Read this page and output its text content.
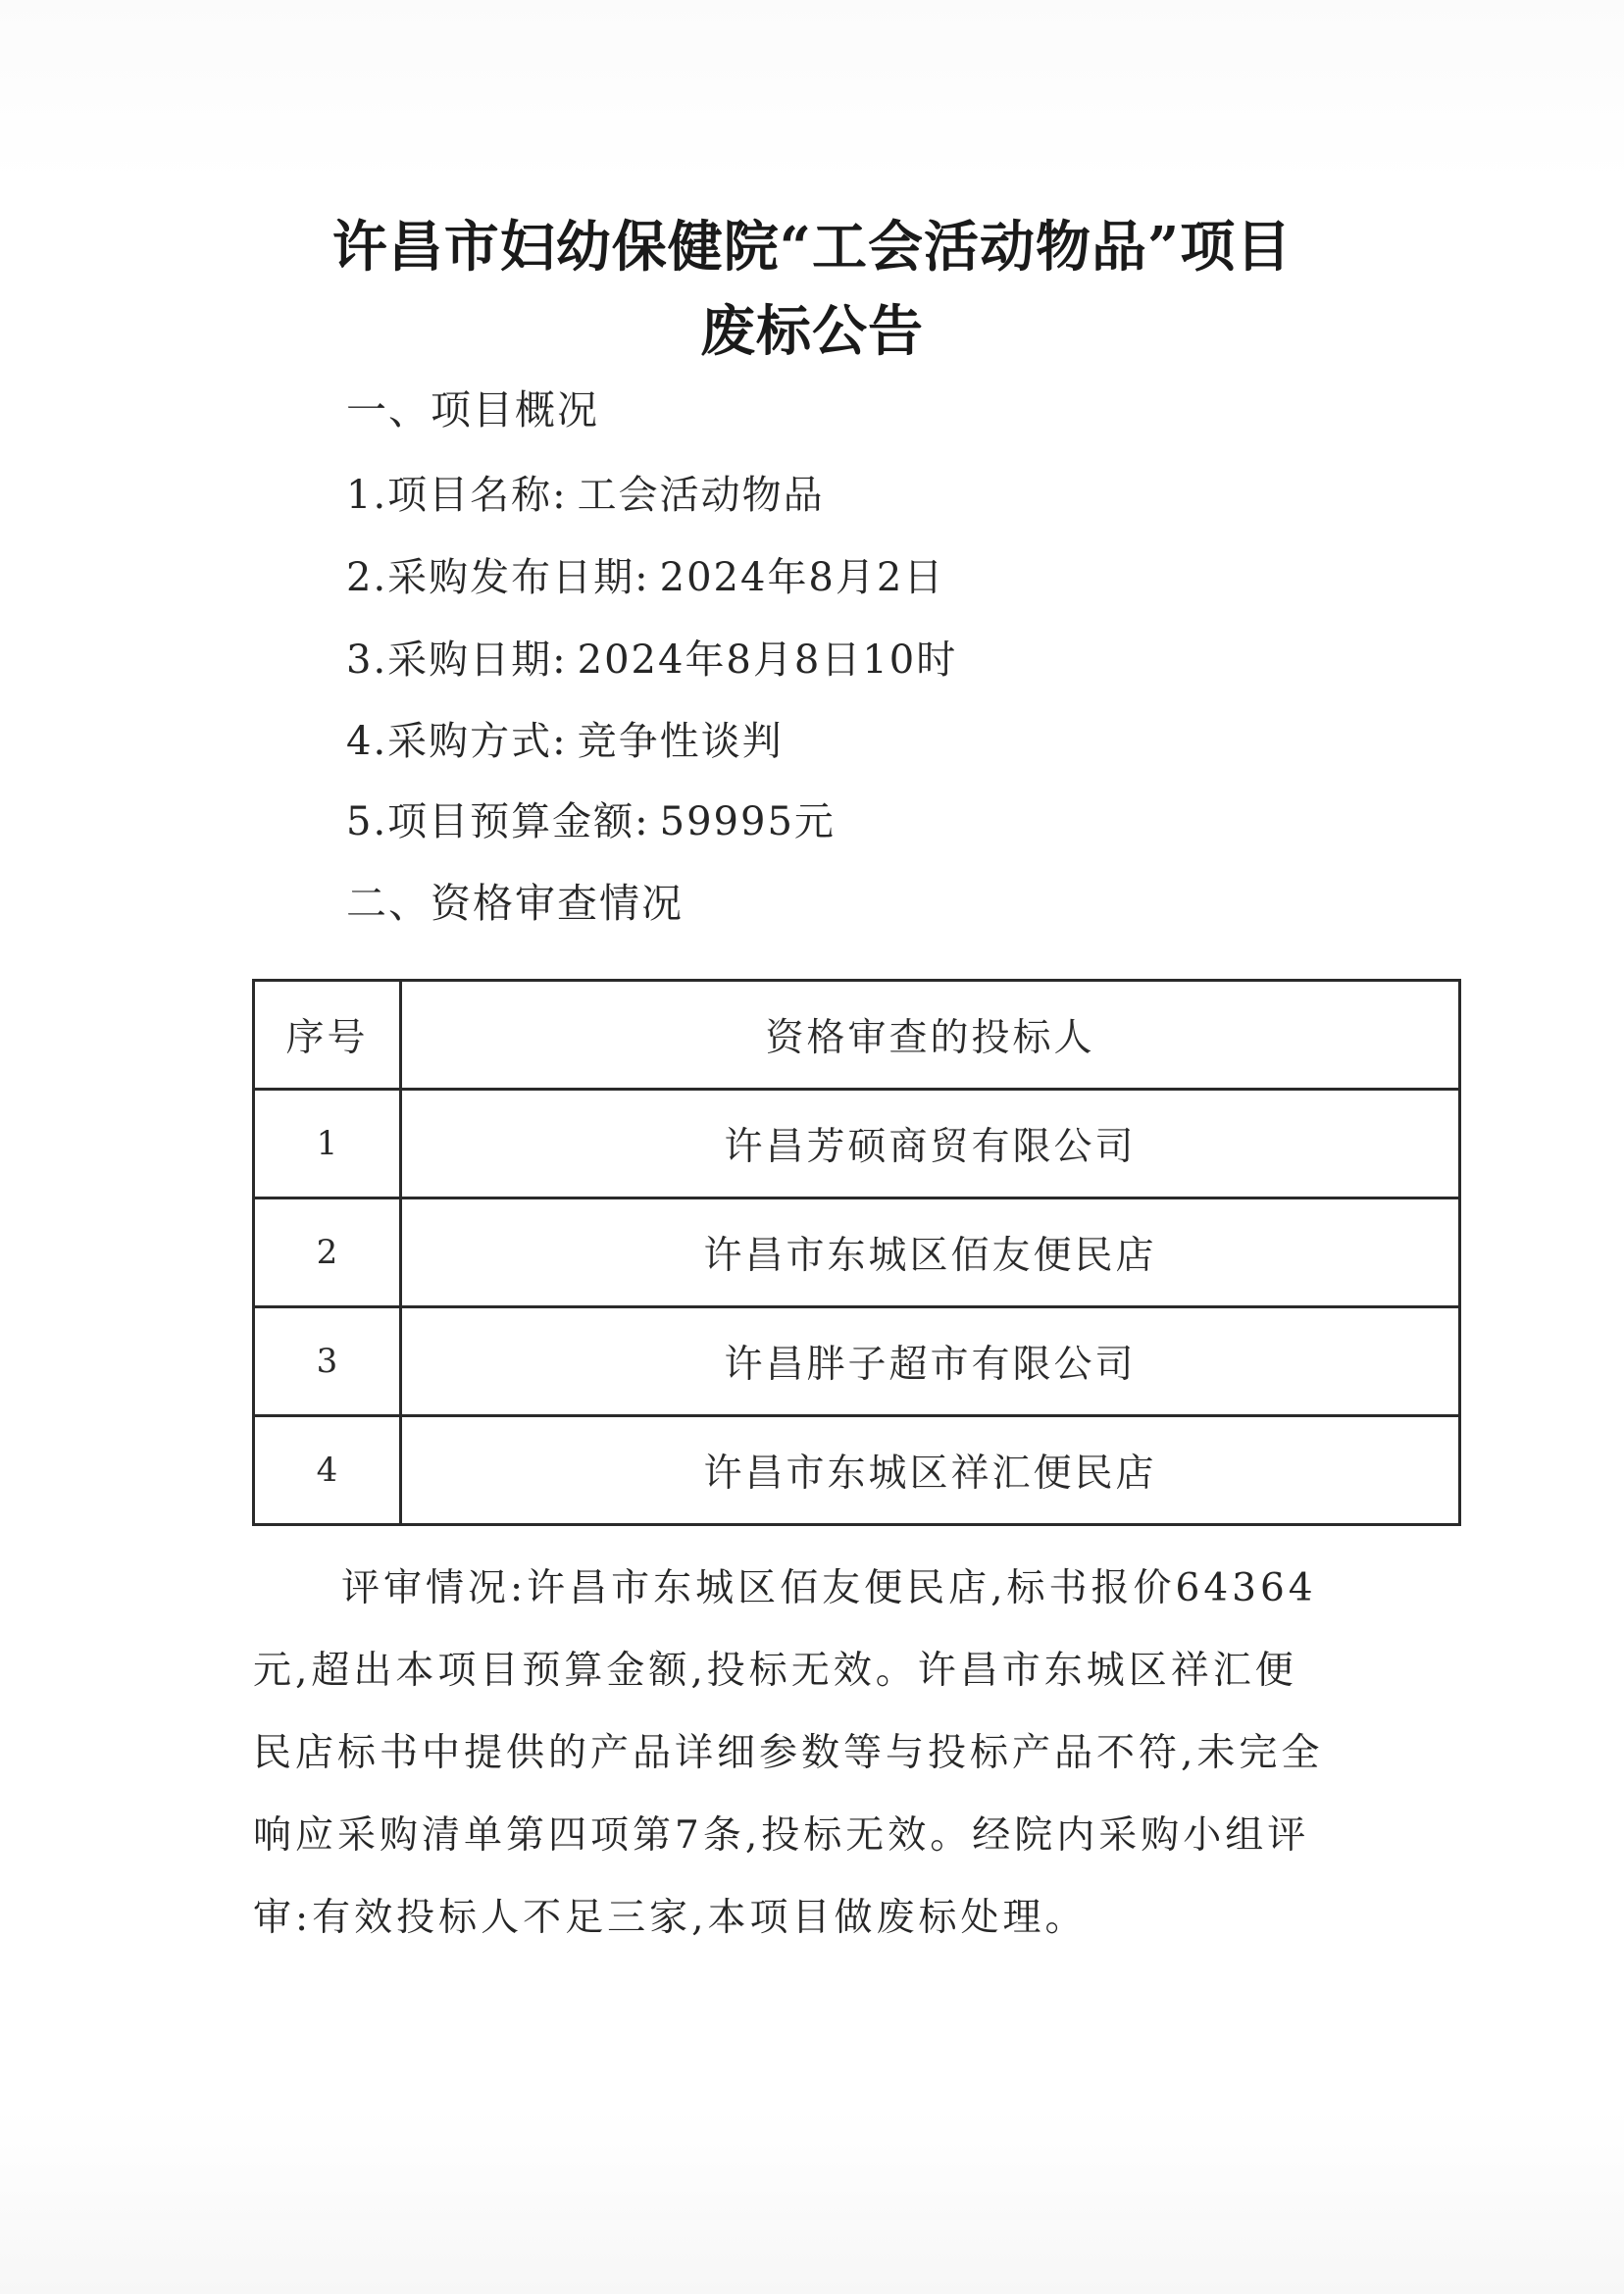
许昌市妇幼保健院“工会活动物品”项目
废标公告
一、项目概况
1.项目名称: 工会活动物品
2.采购发布日期: 2024年8月2日
3.采购日期: 2024年8月8日10时
4.采购方式: 竞争性谈判
5.项目预算金额: 59995元
二、资格审查情况
序号	资格审查的投标人
1	许昌芳硕商贸有限公司
2	许昌市东城区佰友便民店
3	许昌胖子超市有限公司
4	许昌市东城区祥汇便民店
评审情况:许昌市东城区佰友便民店,标书报价64364
元,超出本项目预算金额,投标无效。许昌市东城区祥汇便
民店标书中提供的产品详细参数等与投标产品不符,未完全
响应采购清单第四项第7条,投标无效。经院内采购小组评
审:有效投标人不足三家,本项目做废标处理。
